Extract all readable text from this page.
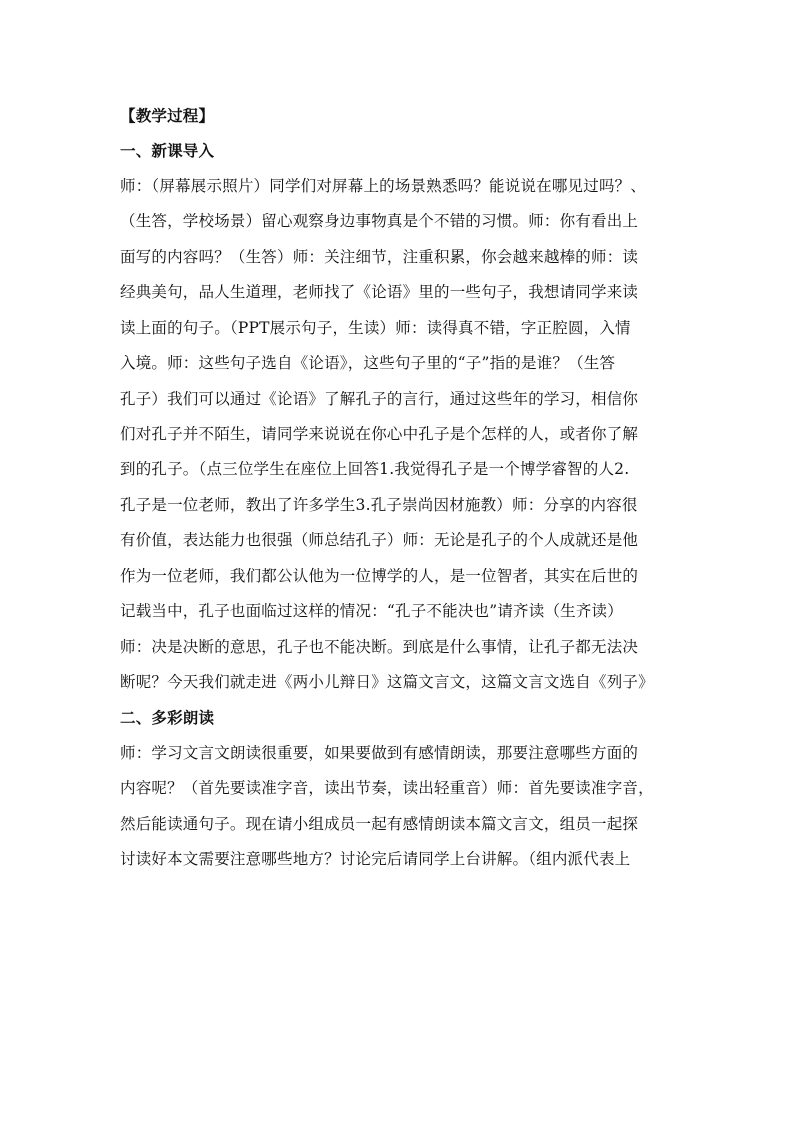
【教学过程】
一、新课导入
师：（屏幕展示照片）同学们对屏幕上的场景熟悉吗？能说说在哪见过吗？、
（生答，学校场景）留心观察身边事物真是个不错的习惯。师：你有看出上
面写的内容吗？（生答）师：关注细节，注重积累，你会越来越棒的师：读
经典美句，品人生道理，老师找了《论语》里的一些句子，我想请同学来读
读上面的句子。（PPT展示句子，生读）师：读得真不错，字正腔圆，入情
入境。师：这些句子选自《论语》，这些句子里的“子”指的是谁？（生答
孔子）我们可以通过《论语》了解孔子的言行，通过这些年的学习，相信你
们对孔子并不陌生，请同学来说说在你心中孔子是个怎样的人，或者你了解
到的孔子。（点三位学生在座位上回答1.我觉得孔子是一个博学睿智的人2.
孔子是一位老师，教出了许多学生3.孔子崇尚因材施教）师：分享的内容很
有价值，表达能力也很强（师总结孔子）师：无论是孔子的个人成就还是他
作为一位老师，我们都公认他为一位博学的人，是一位智者，其实在后世的
记载当中，孔子也面临过这样的情况：“孔子不能决也”请齐读（生齐读）
师：决是决断的意思，孔子也不能决断。到底是什么事情，让孔子都无法决
断呢？今天我们就走进《两小儿辩日》这篇文言文，这篇文言文选自《列子》
二、多彩朗读
师：学习文言文朗读很重要，如果要做到有感情朗读，那要注意哪些方面的
内容呢？（首先要读准字音，读出节奏，读出轻重音）师：首先要读准字音，
然后能读通句子。现在请小组成员一起有感情朗读本篇文言文，组员一起探
讨读好本文需要注意哪些地方？讨论完后请同学上台讲解。（组内派代表上
